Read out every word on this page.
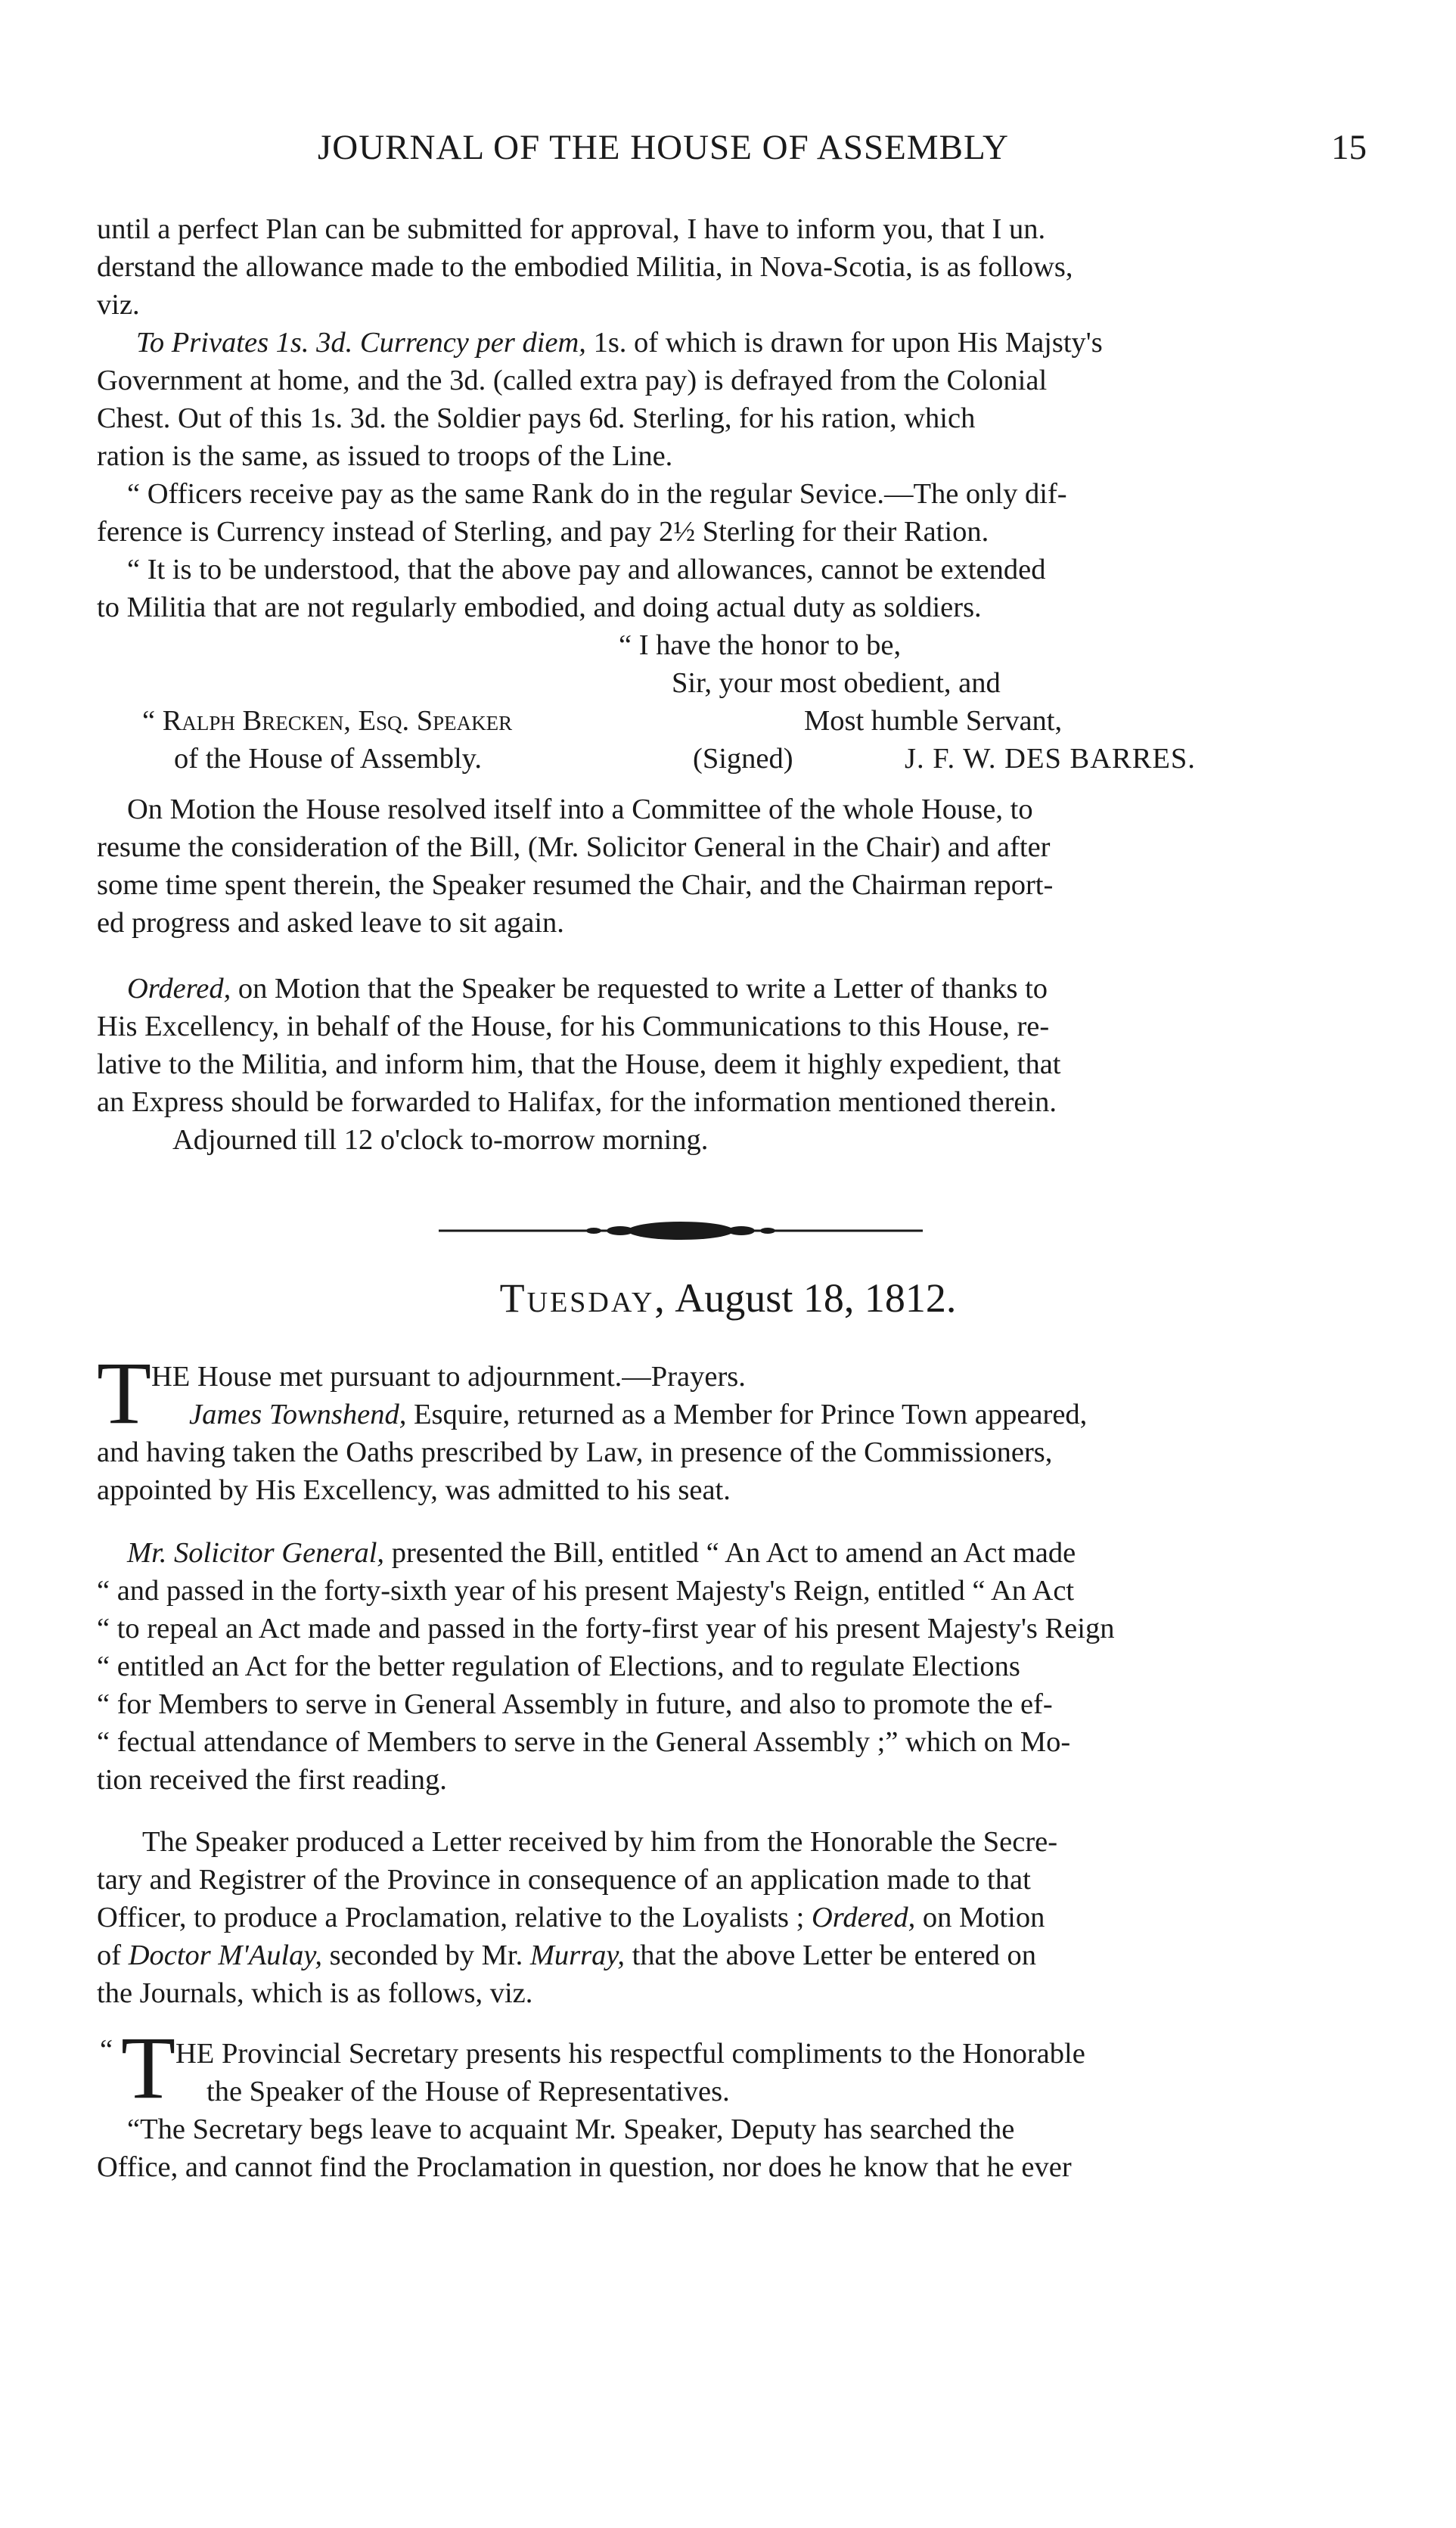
JOURNAL OF THE HOUSE OF ASSEMBLY	15
until a perfect Plan can be submitted for approval, I have to inform you, that I un.
derstand the allowance made to the embodied Militia, in Nova-Scotia, is as follows,
viz.
To Privates 1s. 3d. Currency per diem, 1s. of which is drawn for upon His Majsty's
Government at home, and the 3d. (called extra pay) is defrayed from the Colonial
Chest. Out of this 1s. 3d. the Soldier pays 6d. Sterling, for his ration, which
ration is the same, as issued to troops of the Line.
“ Officers receive pay as the same Rank do in the regular Sevice.—The only dif-
ference is Currency instead of Sterling, and pay 2½ Sterling for their Ration.
“ It is to be understood, that the above pay and allowances, cannot be extended
to Militia that are not regularly embodied, and doing actual duty as soldiers.
“ I have the honor to be,
Sir, your most obedient, and
“ Ralph Brecken, Esq. Speaker	Most humble Servant,
of the House of Assembly.	(Signed)	J. F. W. DES BARRES.
On Motion the House resolved itself into a Committee of the whole House, to
resume the consideration of the Bill, (Mr. Solicitor General in the Chair) and after
some time spent therein, the Speaker resumed the Chair, and the Chairman report-
ed progress and asked leave to sit again.
Ordered, on Motion that the Speaker be requested to write a Letter of thanks to
His Excellency, in behalf of the House, for his Communications to this House, re-
lative to the Militia, and inform him, that the House, deem it highly expedient, that
an Express should be forwarded to Halifax, for the information mentioned therein.
Adjourned till 12 o'clock to-morrow morning.
Tuesday, August 18, 1812.
T HE House met pursuant to adjournment.—Prayers.
James Townshend, Esquire, returned as a Member for Prince Town appeared,
and having taken the Oaths prescribed by Law, in presence of the Commissioners,
appointed by His Excellency, was admitted to his seat.
Mr. Solicitor General, presented the Bill, entitled “ An Act to amend an Act made
“ and passed in the forty-sixth year of his present Majesty's Reign, entitled “ An Act
“ to repeal an Act made and passed in the forty-first year of his present Majesty's Reign
“ entitled an Act for the better regulation of Elections, and to regulate Elections
“ for Members to serve in General Assembly in future, and also to promote the ef-
“ fectual attendance of Members to serve in the General Assembly ;” which on Mo-
tion received the first reading.
The Speaker produced a Letter received by him from the Honorable the Secre-
tary and Registrer of the Province in consequence of an application made to that
Officer, to produce a Proclamation, relative to the Loyalists ; Ordered, on Motion
of Doctor M'Aulay, seconded by Mr. Murray, that the above Letter be entered on
the Journals, which is as follows, viz.
“ T HE Provincial Secretary presents his respectful compliments to the Honorable
the Speaker of the House of Representatives.
“The Secretary begs leave to acquaint Mr. Speaker, Deputy has searched the
Office, and cannot find the Proclamation in question, nor does he know that he ever
